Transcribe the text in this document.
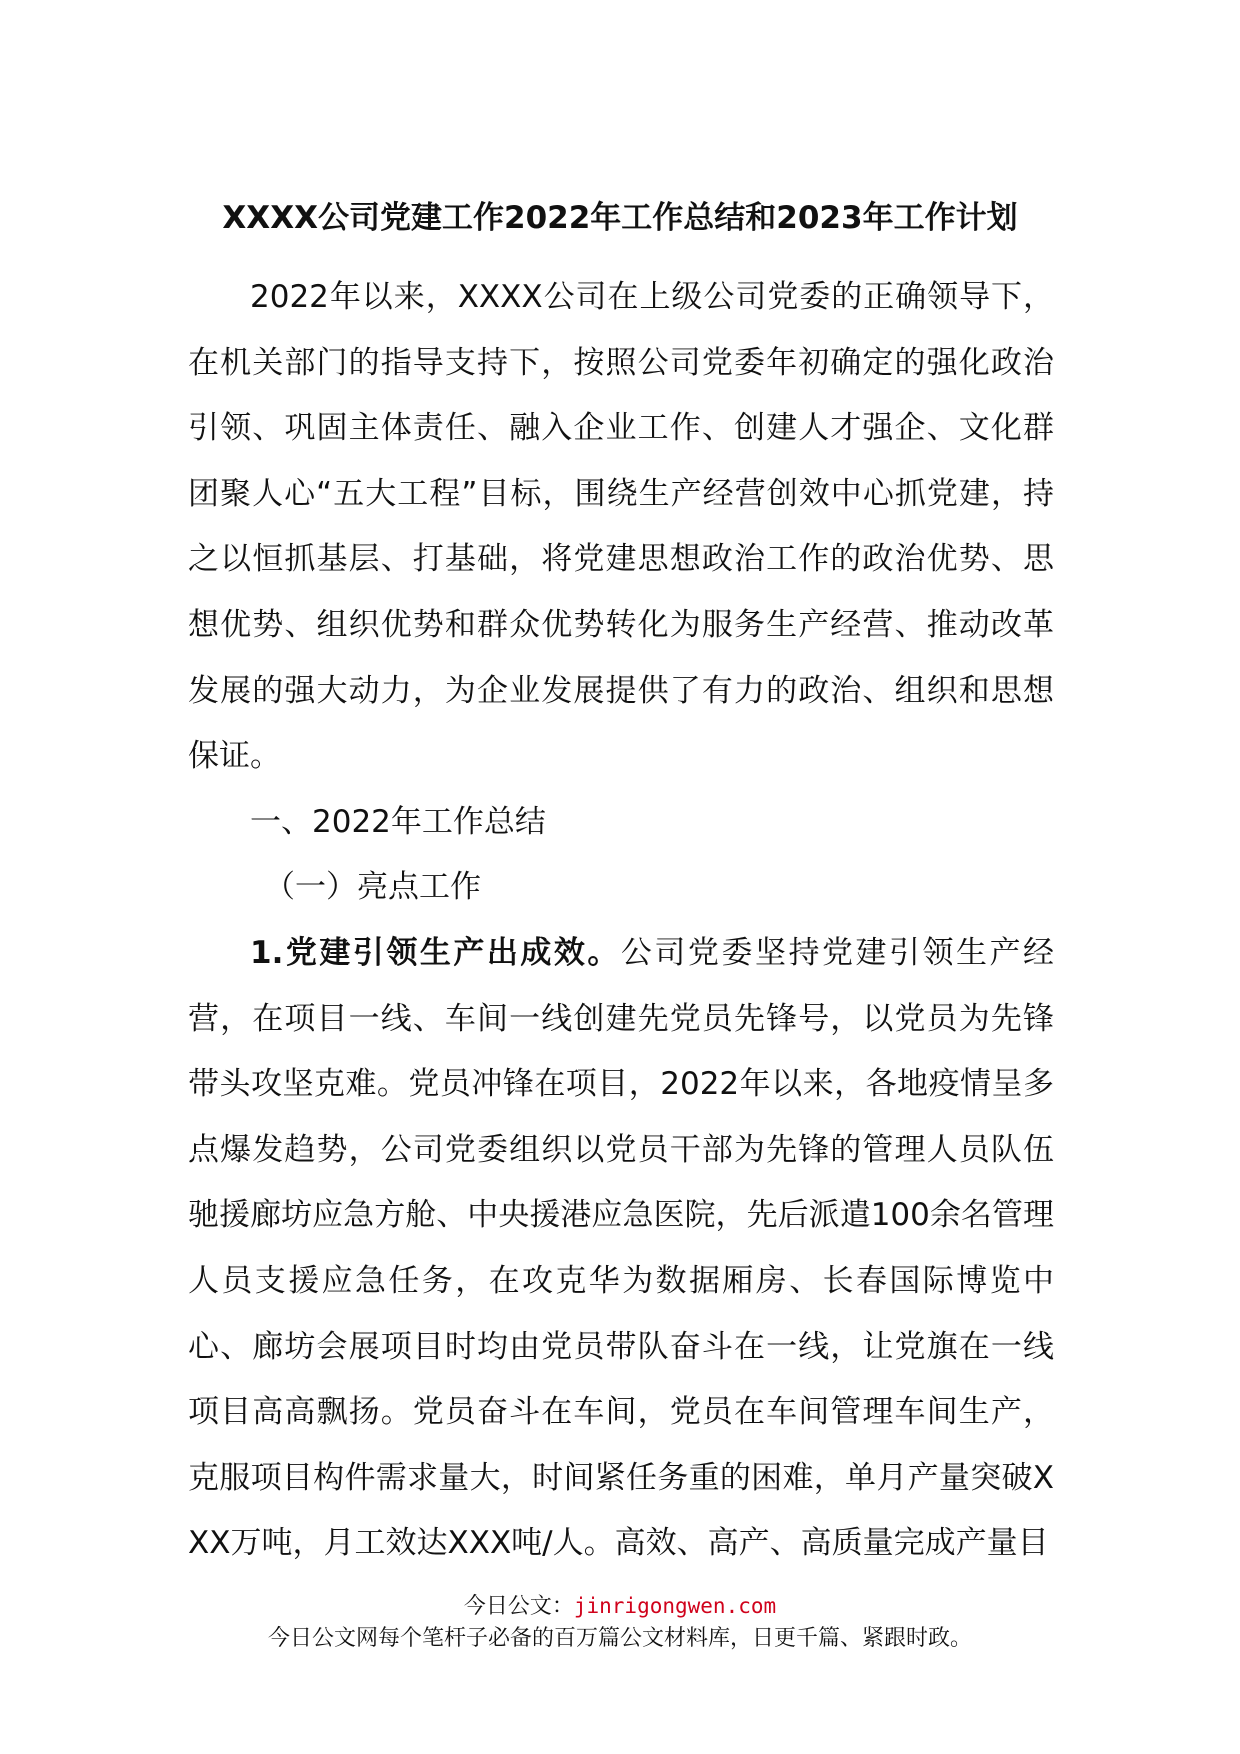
XXXX公司党建工作2022年工作总结和2023年工作计划

2022年以来，XXXX公司在上级公司党委的正确领导下，在机关部门的指导支持下，按照公司党委年初确定的强化政治引领、巩固主体责任、融入企业工作、创建人才强企、文化群团聚人心“五大工程”目标，围绕生产经营创效中心抓党建，持之以恒抓基层、打基础，将党建思想政治工作的政治优势、思想优势、组织优势和群众优势转化为服务生产经营、推动改革发展的强大动力，为企业发展提供了有力的政治、组织和思想保证。

一、2022年工作总结

（一）亮点工作

1.党建引领生产出成效。公司党委坚持党建引领生产经营，在项目一线、车间一线创建先党员先锋号，以党员为先锋带头攻坚克难。党员冲锋在项目，2022年以来，各地疫情呈多点爆发趋势，公司党委组织以党员干部为先锋的管理人员队伍驰援廊坊应急方舱、中央援港应急医院，先后派遣100余名管理人员支援应急任务，在攻克华为数据厢房、长春国际博览中心、廊坊会展项目时均由党员带队奋斗在一线，让党旗在一线项目高高飘扬。党员奋斗在车间，党员在车间管理车间生产，克服项目构件需求量大，时间紧任务重的困难，单月产量突破XXX万吨，月工效达XXX吨/人。高效、高产、高质量完成产量目

今日公文：jinrigongwen.com

今日公文网每个笔杆子必备的百万篇公文材料库，日更千篇、紧跟时政。
